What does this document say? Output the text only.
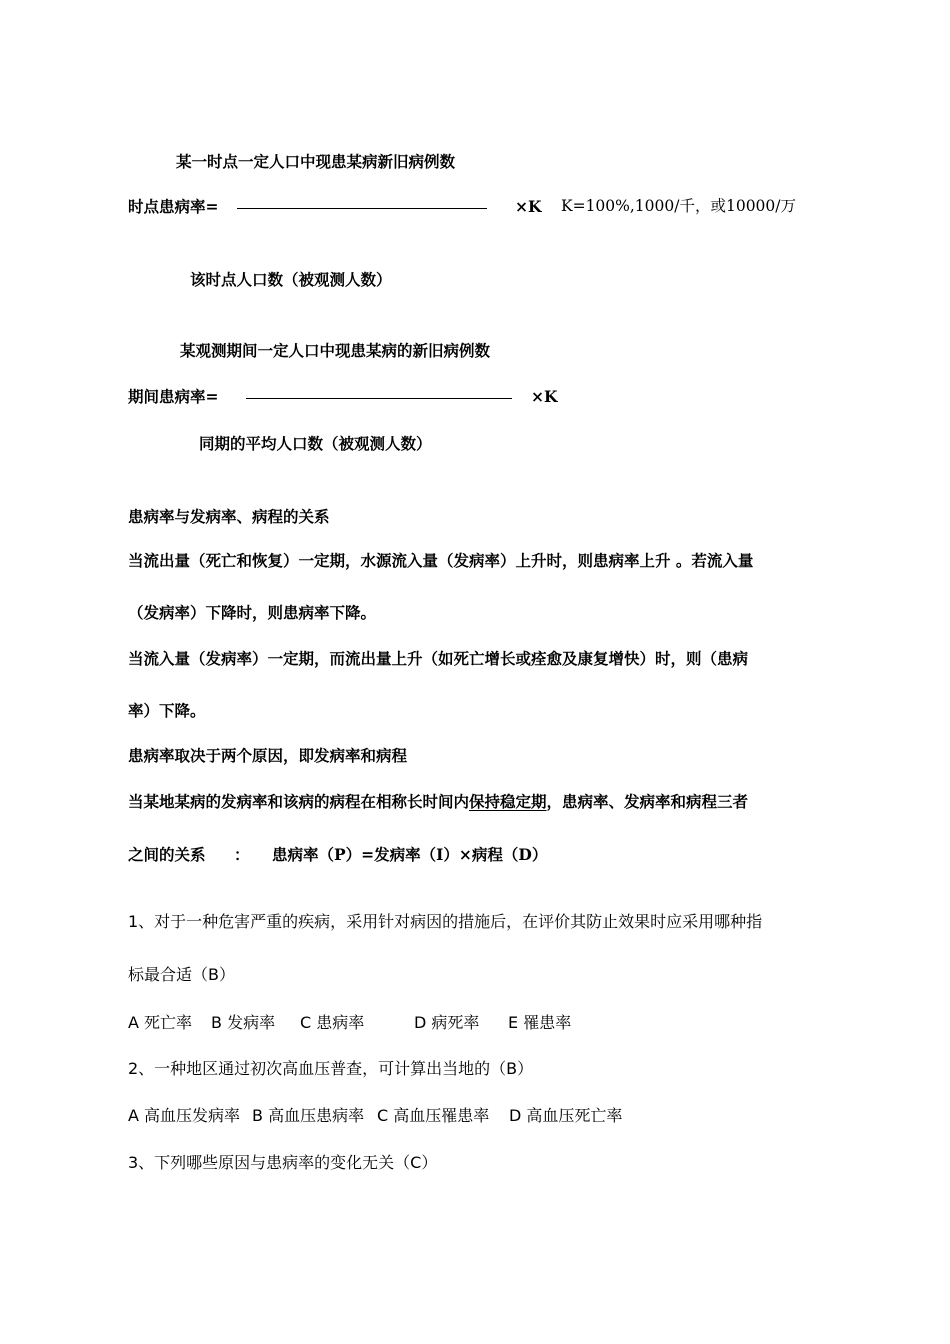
某一时点一定人口中现患某病新旧病例数
时点患病率=	×K K=100%,1000/千，或10000/万
该时点人口数（被观测人数）
某观测期间一定人口中现患某病的新旧病例数
期间患病率=	×K
同期的平均人口数（被观测人数）
患病率与发病率、病程的关系
当流出量（死亡和恢复）一定期，水源流入量（发病率）上升时，则患病率上升 。若流入量
（发病率）下降时，则患病率下降。
当流入量（发病率）一定期，而流出量上升（如死亡增长或痊愈及康复增快）时，则（患病
率）下降。
患病率取决于两个原因，即发病率和病程
当某地某病的发病率和该病的病程在相称长时间内保持稳定期，患病率、发病率和病程三者
之间的关系 ： 患病率（P）=发病率（I）×病程（D）
1、对于一种危害严重的疾病，采用针对病因的措施后，在评价其防止效果时应采用哪种指
标最合适（B）
A 死亡率 B 发病率 C 患病率	D 病死率 E 罹患率
2、一种地区通过初次高血压普查，可计算出当地的（B）
A 高血压发病率 B 高血压患病率 C 高血压罹患率 D 高血压死亡率
3、下列哪些原因与患病率的变化无关（C）
